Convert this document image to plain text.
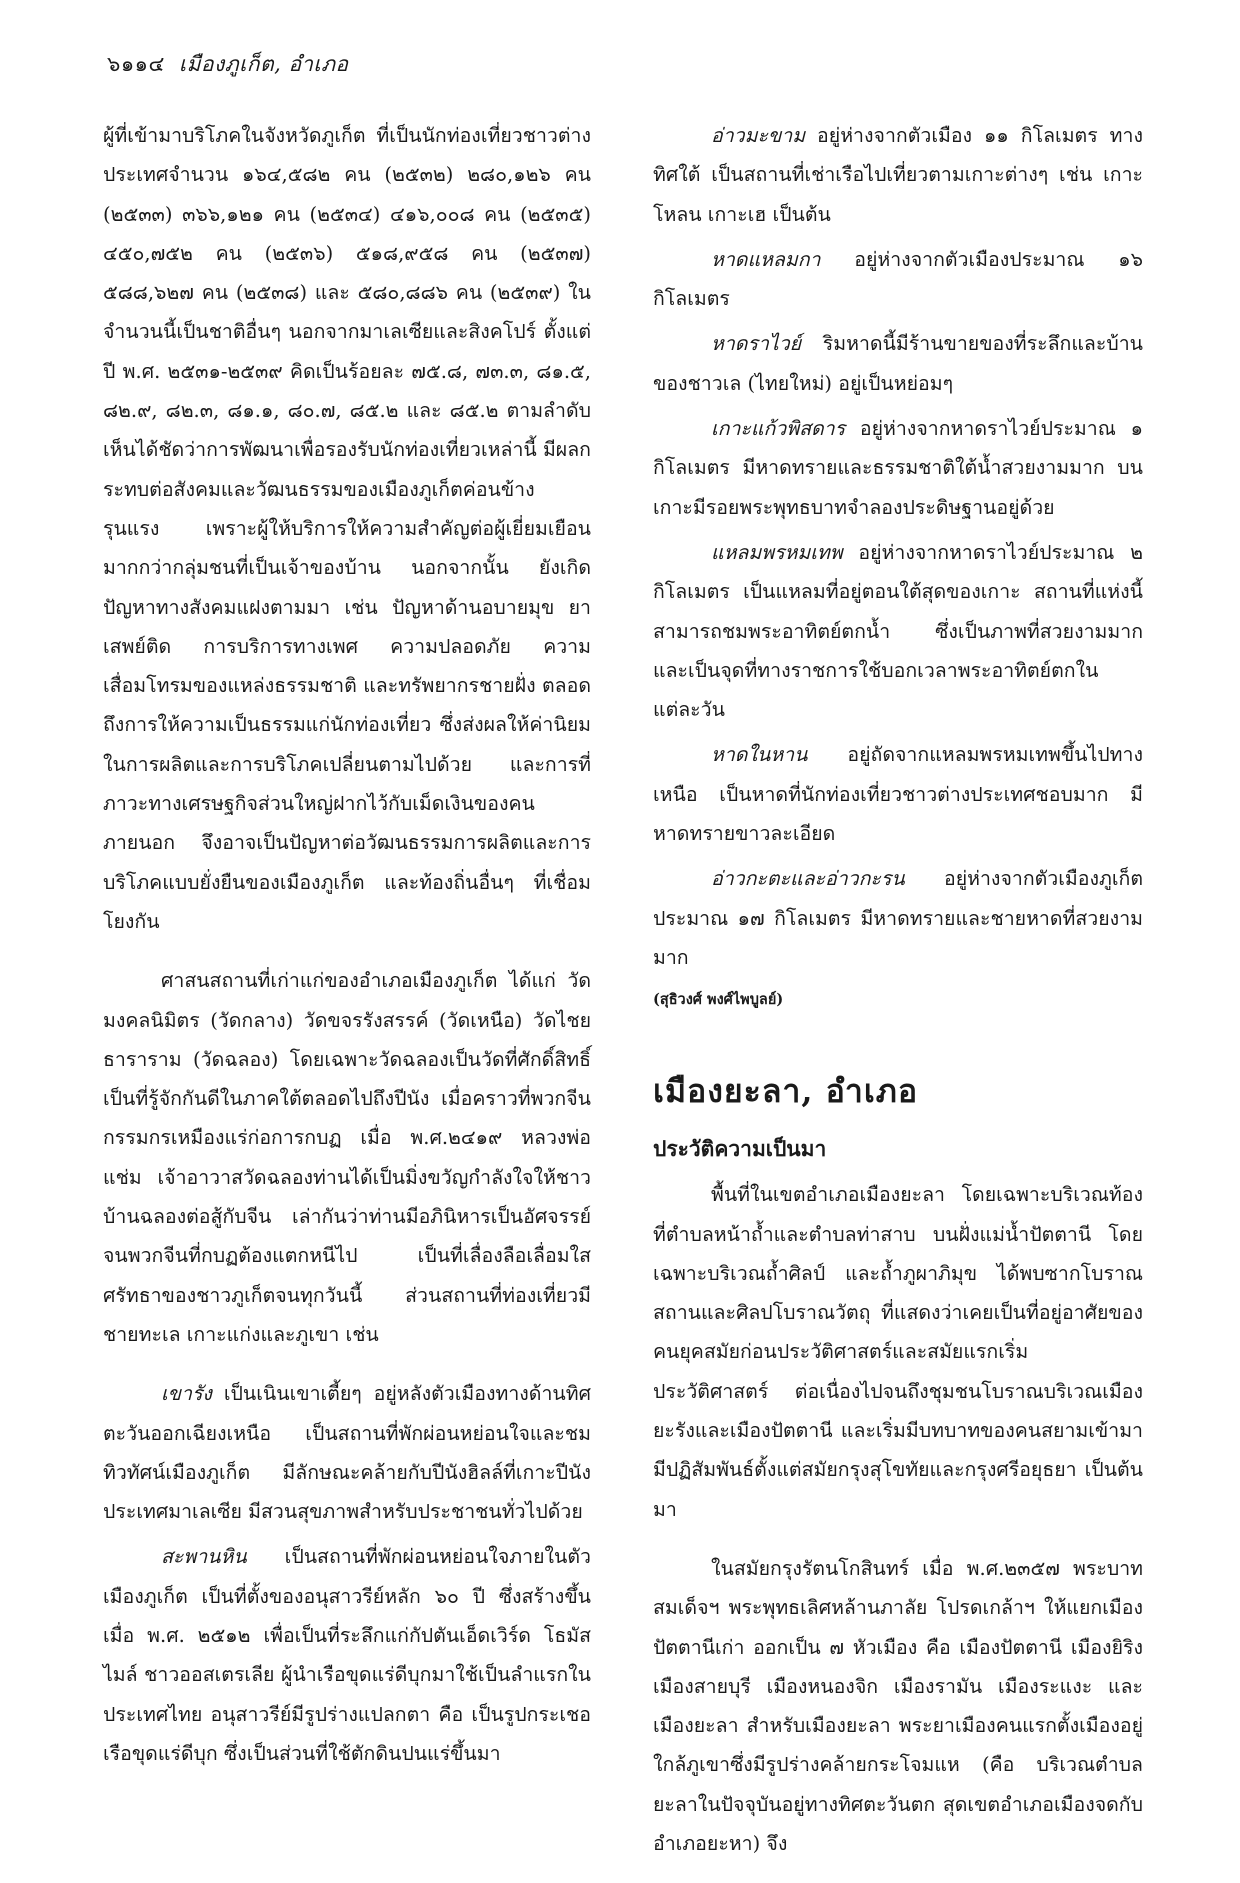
๖๑๑๔ เมืองภูเก็ต, อำเภอ

ผู้ที่เข้ามาบริโภคในจังหวัดภูเก็ต ที่เป็นนักท่องเที่ยวชาวต่างประเทศจำนวน ๑๖๔,๕๘๒ คน (๒๕๓๒) ๒๘๐,๑๒๖ คน (๒๕๓๓) ๓๖๖,๑๒๑ คน (๒๕๓๔) ๔๑๖,๐๐๘ คน (๒๕๓๕) ๔๕๐,๗๕๒ คน (๒๕๓๖) ๕๑๘,๙๕๘ คน (๒๕๓๗) ๕๘๘,๖๒๗ คน (๒๕๓๘) และ ๕๘๐,๘๘๖ คน (๒๕๓๙) ในจำนวนนี้เป็นชาติอื่นๆ นอกจากมาเลเซียและสิงคโปร์ ตั้งแต่ปี พ.ศ. ๒๕๓๑-๒๕๓๙ คิดเป็นร้อยละ ๗๕.๘, ๗๓.๓, ๘๑.๕, ๘๒.๙, ๘๒.๓, ๘๑.๑, ๘๐.๗, ๘๕.๒ และ ๘๕.๒ ตามลำดับ เห็นได้ชัดว่าการพัฒนาเพื่อรองรับนักท่องเที่ยวเหล่านี้ มีผลกระทบต่อสังคมและวัฒนธรรมของเมืองภูเก็ตค่อนข้างรุนแรง เพราะผู้ให้บริการให้ความสำคัญต่อผู้เยี่ยมเยือนมากกว่ากลุ่มชนที่เป็นเจ้าของบ้าน นอกจากนั้น ยังเกิดปัญหาทางสังคมแฝงตามมา เช่น ปัญหาด้านอบายมุข ยาเสพย์ติด การบริการทางเพศ ความปลอดภัย ความเสื่อมโทรมของแหล่งธรรมชาติ และทรัพยากรชายฝั่ง ตลอดถึงการให้ความเป็นธรรมแก่นักท่องเที่ยว ซึ่งส่งผลให้ค่านิยมในการผลิตและการบริโภคเปลี่ยนตามไปด้วย และการที่ภาวะทางเศรษฐกิจส่วนใหญ่ฝากไว้กับเม็ดเงินของคนภายนอก จึงอาจเป็นปัญหาต่อวัฒนธรรมการผลิตและการบริโภคแบบยั่งยืนของเมืองภูเก็ต และท้องถิ่นอื่นๆ ที่เชื่อมโยงกัน

ศาสนสถานที่เก่าแก่ของอำเภอเมืองภูเก็ต ได้แก่ วัดมงคลนิมิตร (วัดกลาง) วัดขจรรังสรรค์ (วัดเหนือ) วัดไชยธาราราม (วัดฉลอง) โดยเฉพาะวัดฉลองเป็นวัดที่ศักดิ์สิทธิ์ เป็นที่รู้จักกันดีในภาคใต้ตลอดไปถึงปีนัง เมื่อคราวที่พวกจีนกรรมกรเหมืองแร่ก่อการกบฏ เมื่อ พ.ศ.๒๔๑๙ หลวงพ่อแช่ม เจ้าอาวาสวัดฉลองท่านได้เป็นมิ่งขวัญกำลังใจให้ชาวบ้านฉลองต่อสู้กับจีน เล่ากันว่าท่านมีอภินิหารเป็นอัศจรรย์ จนพวกจีนที่กบฏต้องแตกหนีไป เป็นที่เลื่องลือเลื่อมใสศรัทธาของชาวภูเก็ตจนทุกวันนี้ ส่วนสถานที่ท่องเที่ยวมีชายทะเล เกาะแก่งและภูเขา เช่น

เขารัง เป็นเนินเขาเตี้ยๆ อยู่หลังตัวเมืองทางด้านทิศตะวันออกเฉียงเหนือ เป็นสถานที่พักผ่อนหย่อนใจและชมทิวทัศน์เมืองภูเก็ต มีลักษณะคล้ายกับปีนังฮิลล์ที่เกาะปีนัง ประเทศมาเลเซีย มีสวนสุขภาพสำหรับประชาชนทั่วไปด้วย

สะพานหิน เป็นสถานที่พักผ่อนหย่อนใจภายในตัวเมืองภูเก็ต เป็นที่ตั้งของอนุสาวรีย์หลัก ๖๐ ปี ซึ่งสร้างขึ้นเมื่อ พ.ศ. ๒๕๑๒ เพื่อเป็นที่ระลึกแก่กัปตันเอ็ดเวิร์ด โธมัส ไมล์ ชาวออสเตรเลีย ผู้นำเรือขุดแร่ดีบุกมาใช้เป็นลำแรกในประเทศไทย อนุสาวรีย์มีรูปร่างแปลกตา คือ เป็นรูปกระเชอเรือขุดแร่ดีบุก ซึ่งเป็นส่วนที่ใช้ตักดินปนแร่ขึ้นมา

อ่าวมะขาม อยู่ห่างจากตัวเมือง ๑๑ กิโลเมตร ทางทิศใต้ เป็นสถานที่เช่าเรือไปเที่ยวตามเกาะต่างๆ เช่น เกาะโหลน เกาะเฮ เป็นต้น

หาดแหลมกา อยู่ห่างจากตัวเมืองประมาณ ๑๖ กิโลเมตร

หาดราไวย์ ริมหาดนี้มีร้านขายของที่ระลึกและบ้านของชาวเล (ไทยใหม่) อยู่เป็นหย่อมๆ

เกาะแก้วพิสดาร อยู่ห่างจากหาดราไวย์ประมาณ ๑ กิโลเมตร มีหาดทรายและธรรมชาติใต้น้ำสวยงามมาก บนเกาะมีรอยพระพุทธบาทจำลองประดิษฐานอยู่ด้วย

แหลมพรหมเทพ อยู่ห่างจากหาดราไวย์ประมาณ ๒ กิโลเมตร เป็นแหลมที่อยู่ตอนใต้สุดของเกาะ สถานที่แห่งนี้สามารถชมพระอาทิตย์ตกน้ำ ซึ่งเป็นภาพที่สวยงามมาก และเป็นจุดที่ทางราชการใช้บอกเวลาพระอาทิตย์ตกในแต่ละวัน

หาดในหาน อยู่ถัดจากแหลมพรหมเทพขึ้นไปทางเหนือ เป็นหาดที่นักท่องเที่ยวชาวต่างประเทศชอบมาก มีหาดทรายขาวละเอียด

อ่าวกะตะและอ่าวกะรน อยู่ห่างจากตัวเมืองภูเก็ต ประมาณ ๑๗ กิโลเมตร มีหาดทรายและชายหาดที่สวยงามมาก

(สุธิวงศ์ พงศ์ไพบูลย์)

เมืองยะลา, อำเภอ
ประวัติความเป็นมา

พื้นที่ในเขตอำเภอเมืองยะลา โดยเฉพาะบริเวณท้องที่ตำบลหน้าถ้ำและตำบลท่าสาบ บนฝั่งแม่น้ำปัตตานี โดยเฉพาะบริเวณถ้ำศิลป์ และถ้ำภูผาภิมุข ได้พบซากโบราณสถานและศิลปโบราณวัตถุ ที่แสดงว่าเคยเป็นที่อยู่อาศัยของคนยุคสมัยก่อนประวัติศาสตร์และสมัยแรกเริ่มประวัติศาสตร์ ต่อเนื่องไปจนถึงชุมชนโบราณบริเวณเมืองยะรังและเมืองปัตตานี และเริ่มมีบทบาทของคนสยามเข้ามามีปฏิสัมพันธ์ตั้งแต่สมัยกรุงสุโขทัยและกรุงศรีอยุธยา เป็นต้นมา

ในสมัยกรุงรัตนโกสินทร์ เมื่อ พ.ศ.๒๓๕๗ พระบาทสมเด็จฯ พระพุทธเลิศหล้านภาลัย โปรดเกล้าฯ ให้แยกเมืองปัตตานีเก่า ออกเป็น ๗ หัวเมือง คือ เมืองปัตตานี เมืองยิริง เมืองสายบุรี เมืองหนองจิก เมืองรามัน เมืองระแงะ และเมืองยะลา สำหรับเมืองยะลา พระยาเมืองคนแรกตั้งเมืองอยู่ใกล้ภูเขาซึ่งมีรูปร่างคล้ายกระโจมแห (คือ บริเวณตำบลยะลาในปัจจุบันอยู่ทางทิศตะวันตก สุดเขตอำเภอเมืองจดกับอำเภอยะหา) จึง
